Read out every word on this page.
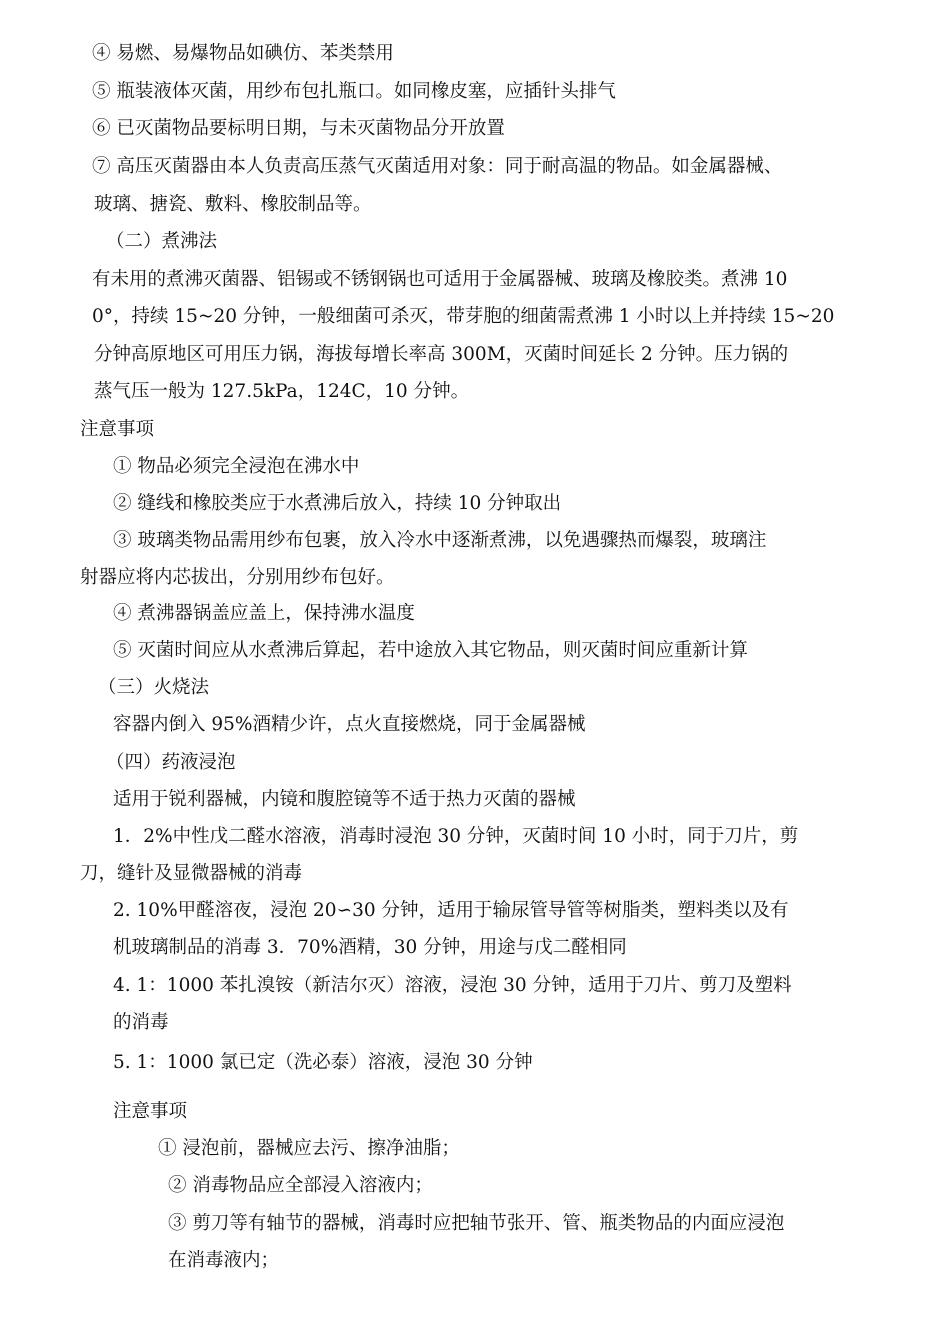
④ 易燃、易爆物品如碘仿、苯类禁用
⑤ 瓶装液体灭菌，用纱布包扎瓶口。如同橡皮塞，应插针头排气
⑥ 已灭菌物品要标明日期，与未灭菌物品分开放置
⑦ 高压灭菌器由本人负责高压蒸气灭菌适用对象：同于耐高温的物品。如金属器械、
玻璃、搪瓷、敷料、橡胶制品等。
（二）煮沸法
有未用的煮沸灭菌器、铝锡或不锈钢锅也可适用于金属器械、玻璃及橡胶类。煮沸 10
0°，持续 15~20 分钟，一般细菌可杀灭，带芽胞的细菌需煮沸 1 小时以上并持续 15~20
分钟高原地区可用压力锅，海拔每增长率高 300M，灭菌时间延长 2 分钟。压力锅的
蒸气压一般为 127.5kPa，124C，10 分钟。
注意事项
① 物品必须完全浸泡在沸水中
② 缝线和橡胶类应于水煮沸后放入，持续 10 分钟取出
③ 玻璃类物品需用纱布包裹，放入冷水中逐渐煮沸，以免遇骤热而爆裂，玻璃注
射器应将内芯拔出，分别用纱布包好。
④ 煮沸器锅盖应盖上，保持沸水温度
⑤ 灭菌时间应从水煮沸后算起，若中途放入其它物品，则灭菌时间应重新计算
（三）火烧法
容器内倒入 95%酒精少许，点火直接燃烧，同于金属器械
（四）药液浸泡
适用于锐利器械，内镜和腹腔镜等不适于热力灭菌的器械
1．2%中性戊二醛水溶液，消毒时浸泡 30 分钟，灭菌时间 10 小时，同于刀片，剪
刀，缝针及显微器械的消毒
2. 10%甲醛溶夜，浸泡 20∽30 分钟，适用于输尿管导管等树脂类，塑料类以及有
机玻璃制品的消毒 3．70%酒精，30 分钟，用途与戊二醛相同
4. 1：1000 苯扎溴铵（新洁尔灭）溶液，浸泡 30 分钟，适用于刀片、剪刀及塑料
的消毒
5. 1：1000 氯已定（洗必泰）溶液，浸泡 30 分钟
注意事项
① 浸泡前，器械应去污、擦净油脂；
② 消毒物品应全部浸入溶液内；
③ 剪刀等有轴节的器械，消毒时应把轴节张开、管、瓶类物品的内面应浸泡
在消毒液内；
